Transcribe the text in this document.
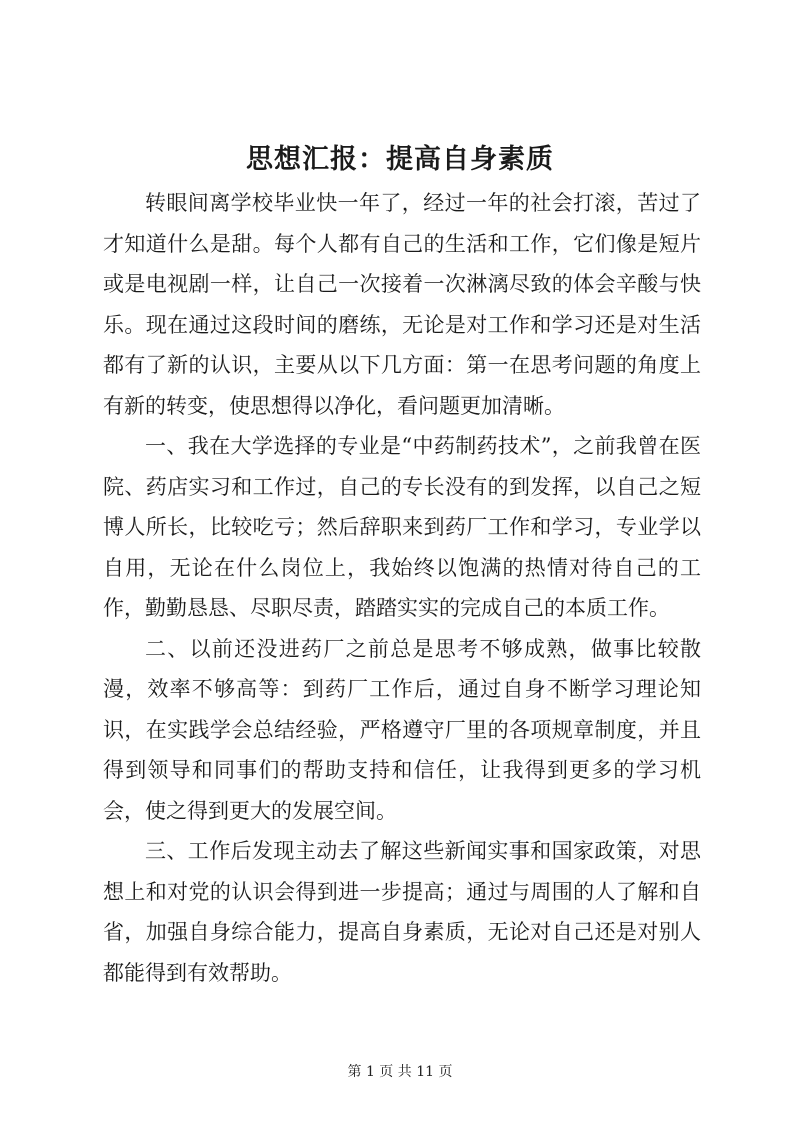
思想汇报：提高自身素质

转眼间离学校毕业快一年了，经过一年的社会打滚，苦过了才知道什么是甜。每个人都有自己的生活和工作，它们像是短片或是电视剧一样，让自己一次接着一次淋漓尽致的体会辛酸与快乐。现在通过这段时间的磨练，无论是对工作和学习还是对生活都有了新的认识，主要从以下几方面：第一在思考问题的角度上有新的转变，使思想得以净化，看问题更加清晰。

一、我在大学选择的专业是“中药制药技术”，之前我曾在医院、药店实习和工作过，自己的专长没有的到发挥，以自己之短博人所长，比较吃亏；然后辞职来到药厂工作和学习，专业学以自用，无论在什么岗位上，我始终以饱满的热情对待自己的工作，勤勤恳恳、尽职尽责，踏踏实实的完成自己的本质工作。

二、以前还没进药厂之前总是思考不够成熟，做事比较散漫，效率不够高等：到药厂工作后，通过自身不断学习理论知识，在实践学会总结经验，严格遵守厂里的各项规章制度，并且得到领导和同事们的帮助支持和信任，让我得到更多的学习机会，使之得到更大的发展空间。

三、工作后发现主动去了解这些新闻实事和国家政策，对思想上和对党的认识会得到进一步提高；通过与周围的人了解和自省，加强自身综合能力，提高自身素质，无论对自己还是对别人都能得到有效帮助。

第 1 页 共 11 页
